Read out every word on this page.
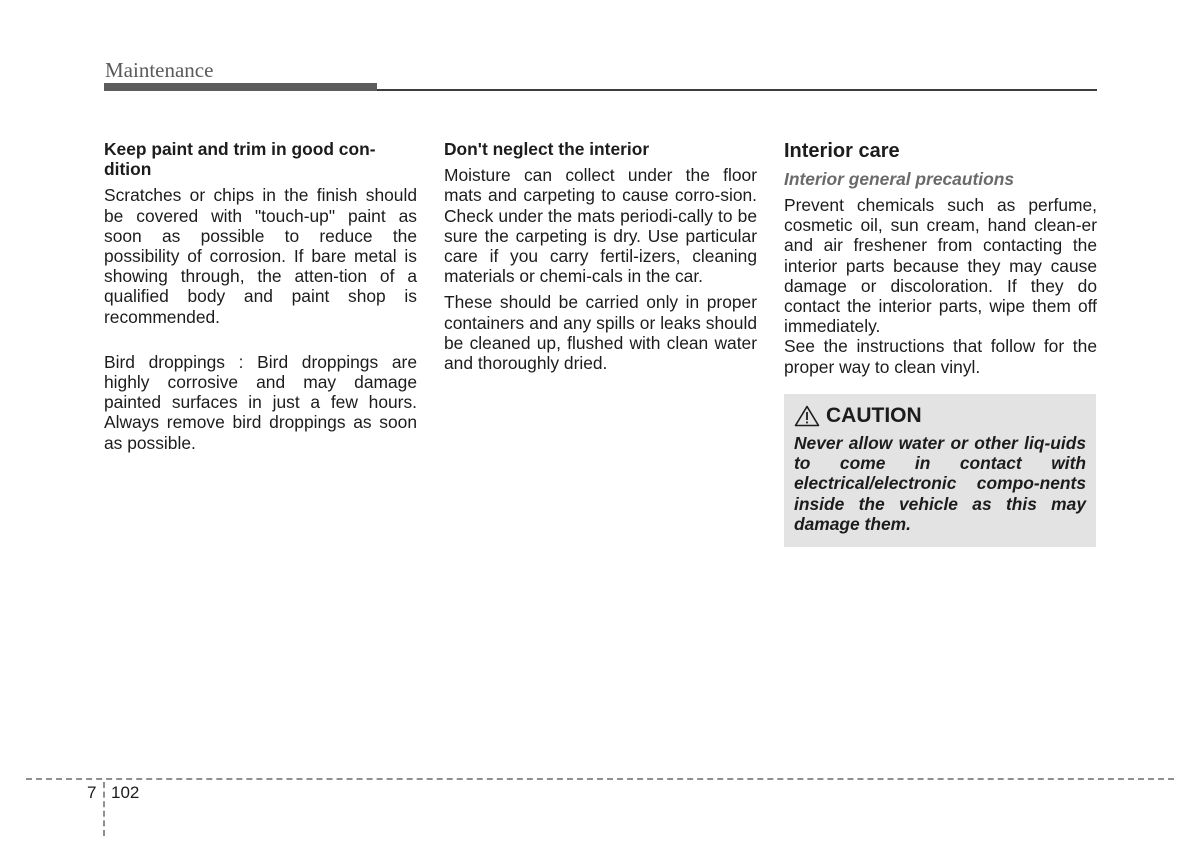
Maintenance
Keep paint and trim in good con-dition

Scratches or chips in the finish should be covered with "touch-up" paint as soon as possible to reduce the possibility of corrosion. If bare metal is showing through, the atten-tion of a qualified body and paint shop is recommended.

Bird droppings : Bird droppings are highly corrosive and may damage painted surfaces in just a few hours. Always remove bird droppings as soon as possible.

Don't neglect the interior

Moisture can collect under the floor mats and carpeting to cause corro-sion. Check under the mats periodi-cally to be sure the carpeting is dry. Use particular care if you carry fertil-izers, cleaning materials or chemi-cals in the car.

These should be carried only in proper containers and any spills or leaks should be cleaned up, flushed with clean water and thoroughly dried.

Interior care
Interior general precautions

Prevent chemicals such as perfume, cosmetic oil, sun cream, hand clean-er and air freshener from contacting the interior parts because they may cause damage or discoloration. If they do contact the interior parts, wipe them off immediately.

See the instructions that follow for the proper way to clean vinyl.

CAUTION

Never allow water or other liq-uids to come in contact with electrical/electronic compo-nents inside the vehicle as this may damage them.

7 102
